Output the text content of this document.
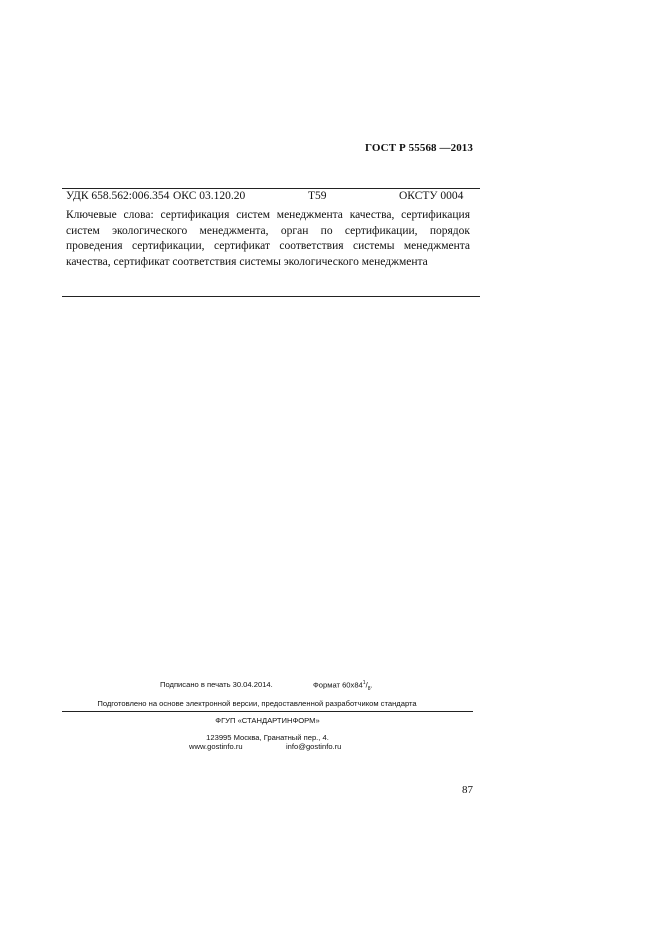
ГОСТ Р 55568 —2013
УДК 658.562:006.354 ОКС 03.120.20	Т59	ОКСТУ 0004
Ключевые слова: сертификация систем менеджмента качества, сертификация
систем экологического менеджмента, орган по сертификации, порядок
проведения сертификации, сертификат соответствия системы менеджмента
качества, сертификат соответствия системы экологического менеджмента
Подписано в печать 30.04.2014.	Формат $60х84^1/_8$.
Подготовлено на основе электронной версии, предоставленной разработчиком стандарта
ФГУП «СТАНДАРТИНФОРМ»
123995 Москва, Гранатный пер., 4.
www.gostinfo.ru	info@gostinfo.ru
87
